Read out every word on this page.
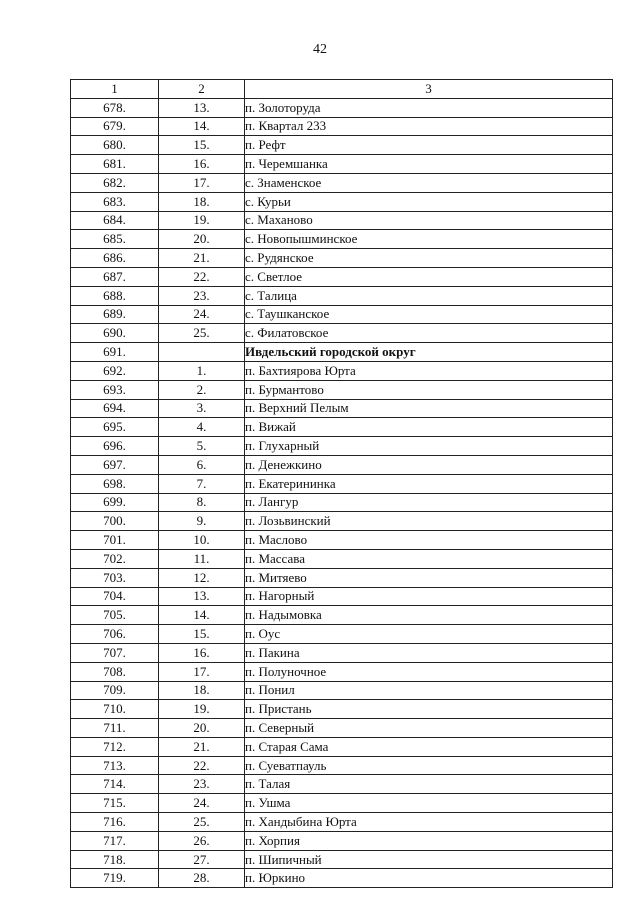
42
1	2	3
678.	13.	п. Золоторуда
679.	14.	п. Квартал 233
680.	15.	п. Рефт
681.	16.	п. Черемшанка
682.	17.	с. Знаменское
683.	18.	с. Курьи
684.	19.	с. Маханово
685.	20.	с. Новопышминское
686.	21.	с. Рудянское
687.	22.	с. Светлое
688.	23.	с. Талица
689.	24.	с. Таушканское
690.	25.	с. Филатовское
691.		Ивдельский городской округ
692.	1.	п. Бахтиярова Юрта
693.	2.	п. Бурмантово
694.	3.	п. Верхний Пелым
695.	4.	п. Вижай
696.	5.	п. Глухарный
697.	6.	п. Денежкино
698.	7.	п. Екатерининка
699.	8.	п. Лангур
700.	9.	п. Лозьвинский
701.	10.	п. Маслово
702.	11.	п. Массава
703.	12.	п. Митяево
704.	13.	п. Нагорный
705.	14.	п. Надымовка
706.	15.	п. Оус
707.	16.	п. Пакина
708.	17.	п. Полуночное
709.	18.	п. Понил
710.	19.	п. Пристань
711.	20.	п. Северный
712.	21.	п. Старая Сама
713.	22.	п. Суеватпауль
714.	23.	п. Талая
715.	24.	п. Ушма
716.	25.	п. Хандыбина Юрта
717.	26.	п. Хорпия
718.	27.	п. Шипичный
719.	28.	п. Юркино
